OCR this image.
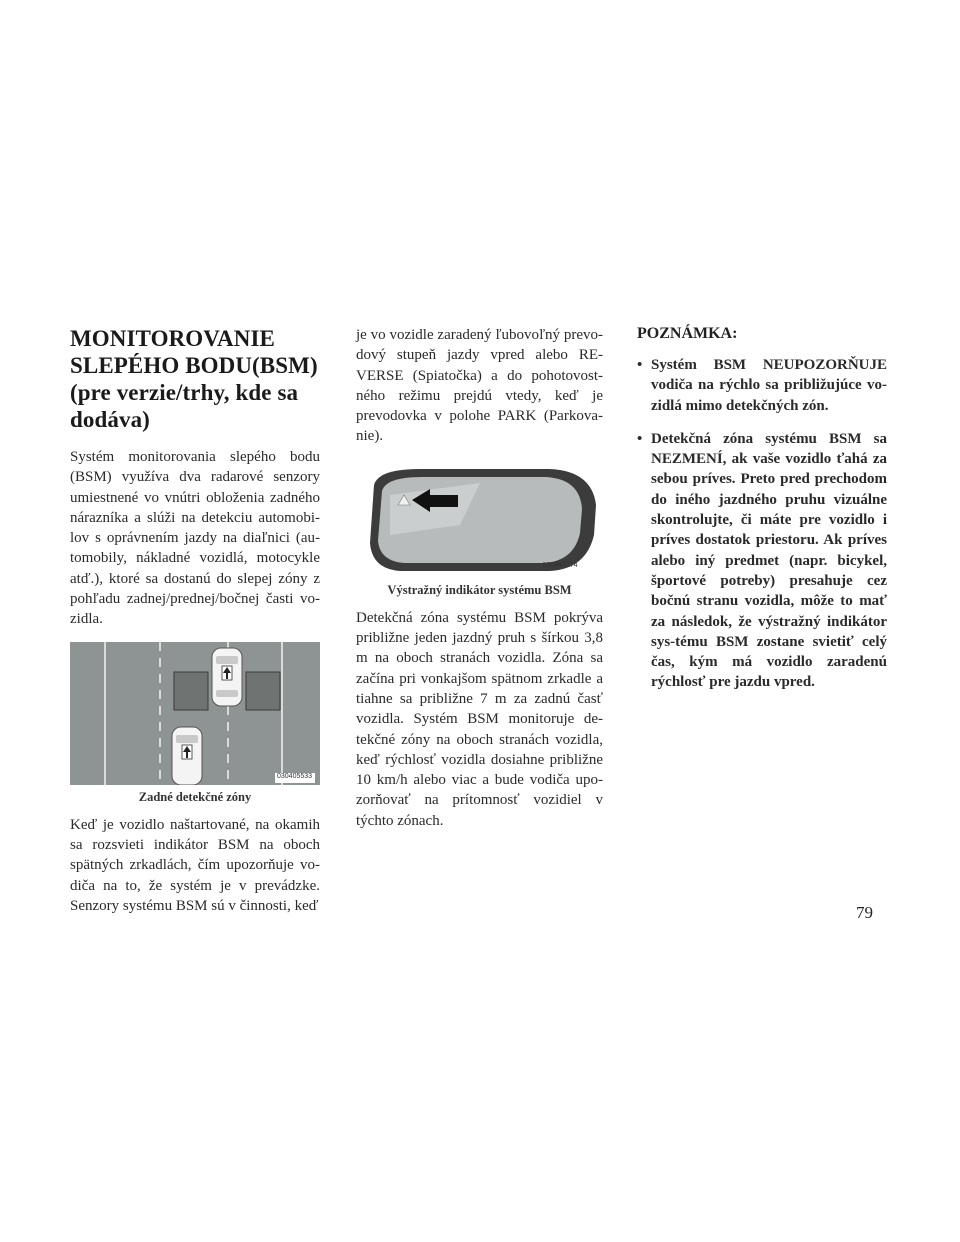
MONITOROVANIE
SLEPÉHO BODU(BSM)
(pre verzie/trhy, kde sa
dodáva)

Systém monitorovania slepého bodu (BSM) využíva dva radarové senzory umiestnené vo vnútri obloženia zadného nárazníka a slúži na detekciu automobi-lov s oprávnením jazdy na diaľnici (au-tomobily, nákladné vozidlá, motocykle atď.), ktoré sa dostanú do slepej zóny z pohľadu zadnej/prednej/bočnej časti vo-zidla.

030405533
Zadné detekčné zóny

Keď je vozidlo naštartované, na okamih sa rozsvieti indikátor BSM na oboch spätných zrkadlách, čím upozorňuje vo-diča na to, že systém je v prevádzke. Senzory systému BSM sú v činnosti, keď

je vo vozidle zaradený ľubovoľný prevo-dový stupeň jazdy vpred alebo RE-VERSE (Spiatočka) a do pohotovost-ného režimu prejdú vtedy, keď je prevodovka v polohe PARK (Parkova-nie).

030440174
Výstražný indikátor systému BSM

Detekčná zóna systému BSM pokrýva približne jeden jazdný pruh s šírkou 3,8 m na oboch stranách vozidla. Zóna sa začína pri vonkajšom spätnom zrkadle a tiahne sa približne 7 m za zadnú časť vozidla. Systém BSM monitoruje de-tekčné zóny na oboch stranách vozidla, keď rýchlosť vozidla dosiahne približne 10 km/h alebo viac a bude vodiča upo-zorňovať na prítomnosť vozidiel v týchto zónach.

POZNÁMKA:
• Systém BSM NEUPOZORŇUJE vodiča na rýchlo sa približujúce vo-zidlá mimo detekčných zón.
• Detekčná zóna systému BSM sa NEZMENÍ, ak vaše vozidlo ťahá za sebou príves. Preto pred prechodom do iného jazdného pruhu vizuálne skontrolujte, či máte pre vozidlo i príves dostatok priestoru. Ak príves alebo iný predmet (napr. bicykel, športové potreby) presahuje cez bočnú stranu vozidla, môže to mať za následok, že výstražný indikátor sys-tému BSM zostane svietiť celý čas, kým má vozidlo zaradenú rýchlosť pre jazdu vpred.
79
